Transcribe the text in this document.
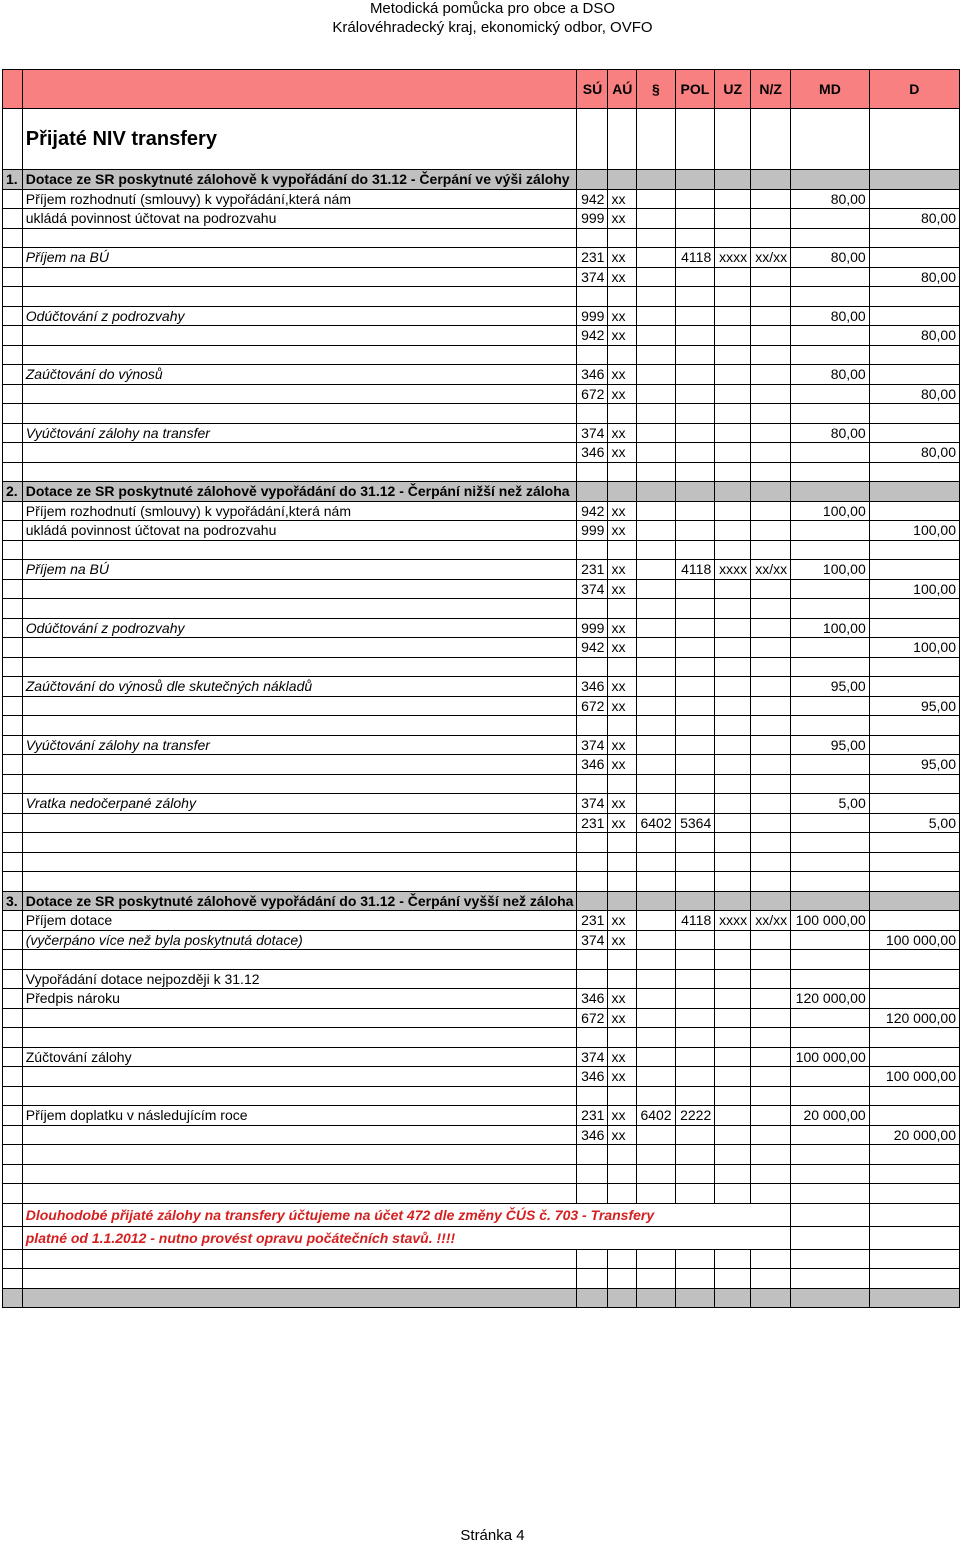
Metodická pomůcka pro obce a DSO
Královéhradecký kraj, ekonomický odbor, OVFO
		SÚ	AÚ	§	POL	UZ	N/Z	MD	D
	Přijaté NIV transfery								
1.	Dotace ze SR poskytnuté zálohově k vypořádání do 31.12 - Čerpání ve výši zálohy								
	Příjem rozhodnutí (smlouvy) k vypořádání,která nám	942	xx					80,00	
	ukládá povinnost účtovat na podrozvahu	999	xx						80,00

	Příjem na BÚ	231	xx		4118	xxxx	xx/xx	80,00	
		374	xx						80,00

	Odúčtování z podrozvahy	999	xx					80,00	
		942	xx						80,00

	Zaúčtování do výnosů	346	xx					80,00	
		672	xx						80,00

	Vyúčtování zálohy na transfer	374	xx					80,00	
		346	xx						80,00

2.	Dotace ze SR poskytnuté zálohově vypořádání do 31.12 - Čerpání nižší než záloha								
	Příjem rozhodnutí (smlouvy) k vypořádání,která nám	942	xx					100,00	
	ukládá povinnost účtovat na podrozvahu	999	xx						100,00

	Příjem na BÚ	231	xx		4118	xxxx	xx/xx	100,00	
		374	xx						100,00

	Odúčtování z podrozvahy	999	xx					100,00	
		942	xx						100,00

	Zaúčtování do výnosů dle skutečných nákladů	346	xx					95,00	
		672	xx						95,00

	Vyúčtování zálohy na transfer	374	xx					95,00	
		346	xx						95,00

	Vratka nedočerpané zálohy	374	xx					5,00	
		231	xx	6402	5364				5,00

3.	Dotace ze SR poskytnuté zálohově vypořádání do 31.12 - Čerpání vyšší než záloha								
	Příjem dotace	231	xx		4118	xxxx	xx/xx	100 000,00	
	(vyčerpáno více než byla poskytnutá dotace)	374	xx						100 000,00

	Vypořádání dotace nejpozději k 31.12								
	Předpis nároku	346	xx					120 000,00	
		672	xx						120 000,00

	Zúčtování zálohy	374	xx					100 000,00	
		346	xx						100 000,00

	Příjem doplatku v následujícím roce	231	xx	6402	2222			20 000,00	
		346	xx						20 000,00

	Dlouhodobé přijaté zálohy na transfery účtujeme na účet 472 dle změny ČÚS č. 703 - Transfery								
	platné od 1.1.2012 - nutno provést opravu počátečních stavů. !!!!								

Stránka 4
